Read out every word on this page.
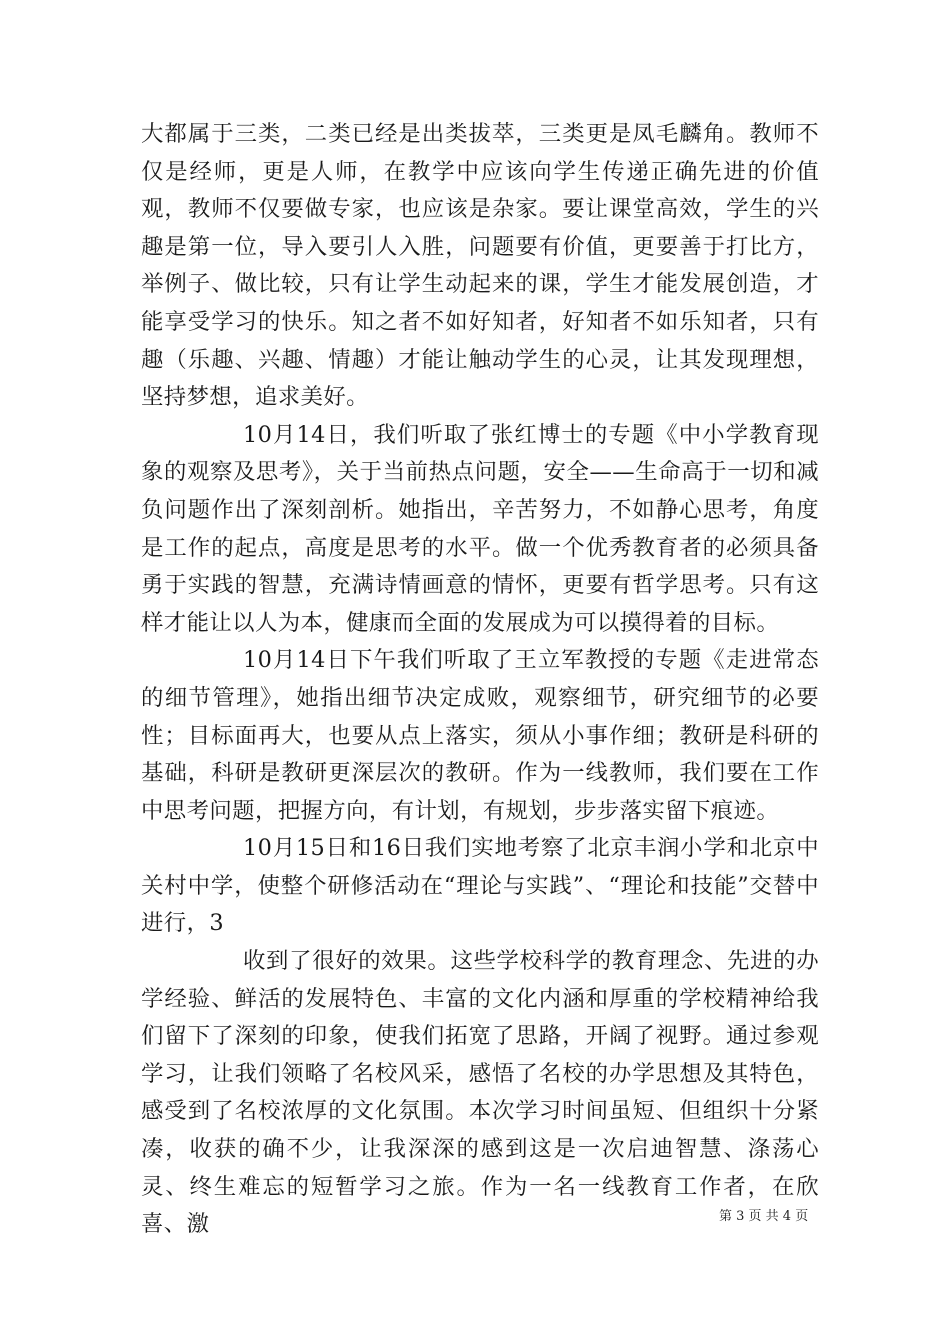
大都属于三类，二类已经是出类拔萃，三类更是凤毛麟角。教师不仅是经师，更是人师，在教学中应该向学生传递正确先进的价值观，教师不仅要做专家，也应该是杂家。要让课堂高效，学生的兴趣是第一位，导入要引人入胜，问题要有价值，更要善于打比方，举例子、做比较，只有让学生动起来的课，学生才能发展创造，才能享受学习的快乐。知之者不如好知者，好知者不如乐知者，只有趣（乐趣、兴趣、情趣）才能让触动学生的心灵，让其发现理想，坚持梦想，追求美好。

10月14日，我们听取了张红博士的专题《中小学教育现象的观察及思考》，关于当前热点问题，安全——生命高于一切和减负问题作出了深刻剖析。她指出，辛苦努力，不如静心思考，角度是工作的起点，高度是思考的水平。做一个优秀教育者的必须具备勇于实践的智慧，充满诗情画意的情怀，更要有哲学思考。只有这样才能让以人为本，健康而全面的发展成为可以摸得着的目标。

10月14日下午我们听取了王立军教授的专题《走进常态的细节管理》，她指出细节决定成败，观察细节，研究细节的必要性；目标面再大，也要从点上落实，须从小事作细；教研是科研的基础，科研是教研更深层次的教研。作为一线教师，我们要在工作中思考问题，把握方向，有计划，有规划，步步落实留下痕迹。

10月15日和16日我们实地考察了北京丰润小学和北京中关村中学，使整个研修活动在“理论与实践”、“理论和技能”交替中进行，3

收到了很好的效果。这些学校科学的教育理念、先进的办学经验、鲜活的发展特色、丰富的文化内涵和厚重的学校精神给我们留下了深刻的印象，使我们拓宽了思路，开阔了视野。通过参观学习，让我们领略了名校风采，感悟了名校的办学思想及其特色，感受到了名校浓厚的文化氛围。本次学习时间虽短、但组织十分紧凑，收获的确不少，让我深深的感到这是一次启迪智慧、涤荡心灵、终生难忘的短暂学习之旅。作为一名一线教育工作者，在欣喜、激	第 3 页 共 4 页
